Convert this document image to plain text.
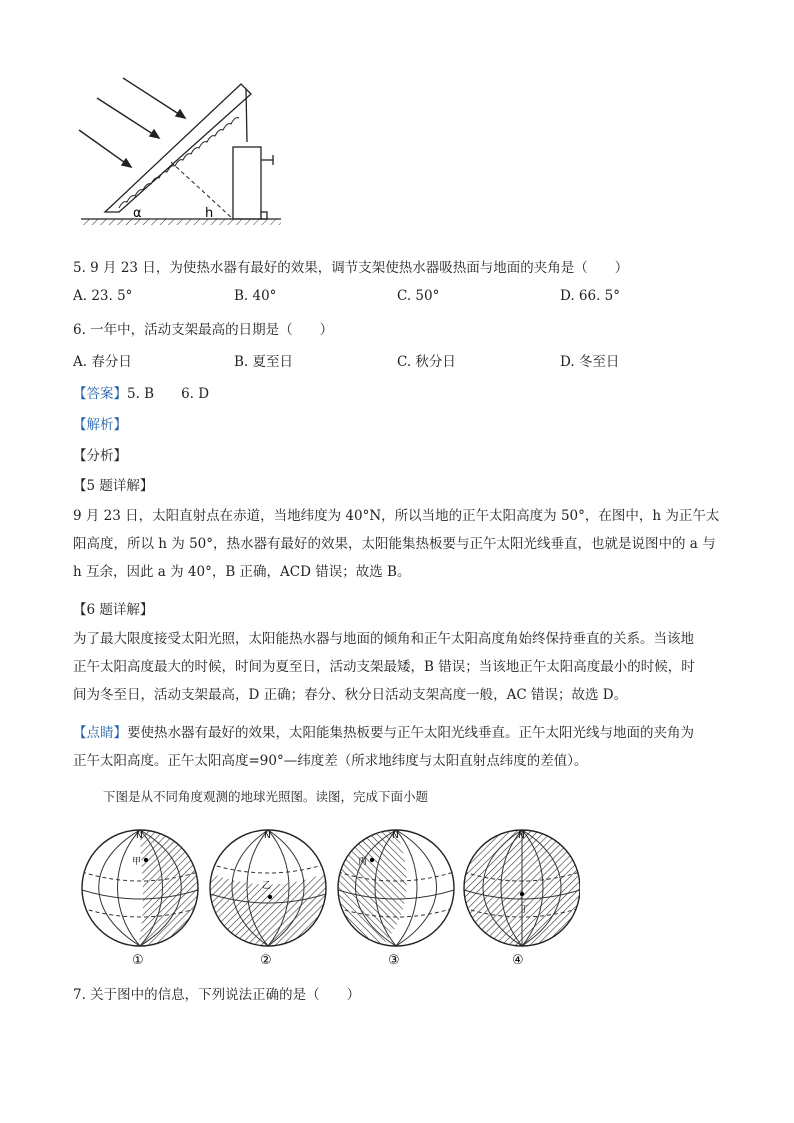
α	h
5. 9 月 23 日，为使热水器有最好的效果，调节支架使热水器吸热面与地面的夹角是（　　）
A. 23. 5°	B. 40°	C. 50°	D. 66. 5°
6. 一年中，活动支架最高的日期是（　　）
A. 春分日	B. 夏至日	C. 秋分日	D. 冬至日
【答案】5. B　　6. D
【解析】
【分析】
【5 题详解】
9 月 23 日，太阳直射点在赤道，当地纬度为 40°N，所以当地的正午太阳高度为 50°，在图中，h 为正午太
阳高度，所以 h 为 50°，热水器有最好的效果，太阳能集热板要与正午太阳光线垂直，也就是说图中的 a 与
h 互余，因此 a 为 40°，B 正确，ACD 错误；故选 B。
【6 题详解】
为了最大限度接受太阳光照，太阳能热水器与地面的倾角和正午太阳高度角始终保持垂直的关系。当该地
正午太阳高度最大的时候，时间为夏至日，活动支架最矮，B 错误；当该地正午太阳高度最小的时候，时
间为冬至日，活动支架最高，D 正确；春分、秋分日活动支架高度一般，AC 错误；故选 D。
【点睛】要使热水器有最好的效果，太阳能集热板要与正午太阳光线垂直。正午太阳光线与地面的夹角为
正午太阳高度。正午太阳高度=90°—纬度差（所求地纬度与太阳直射点纬度的差值）。
下图是从不同角度观测的地球光照图。读图，完成下面小题
N
甲
①
N
乙
②
N
丙
③
N
丁
④
7. 关于图中的信息，下列说法正确的是（　　）
